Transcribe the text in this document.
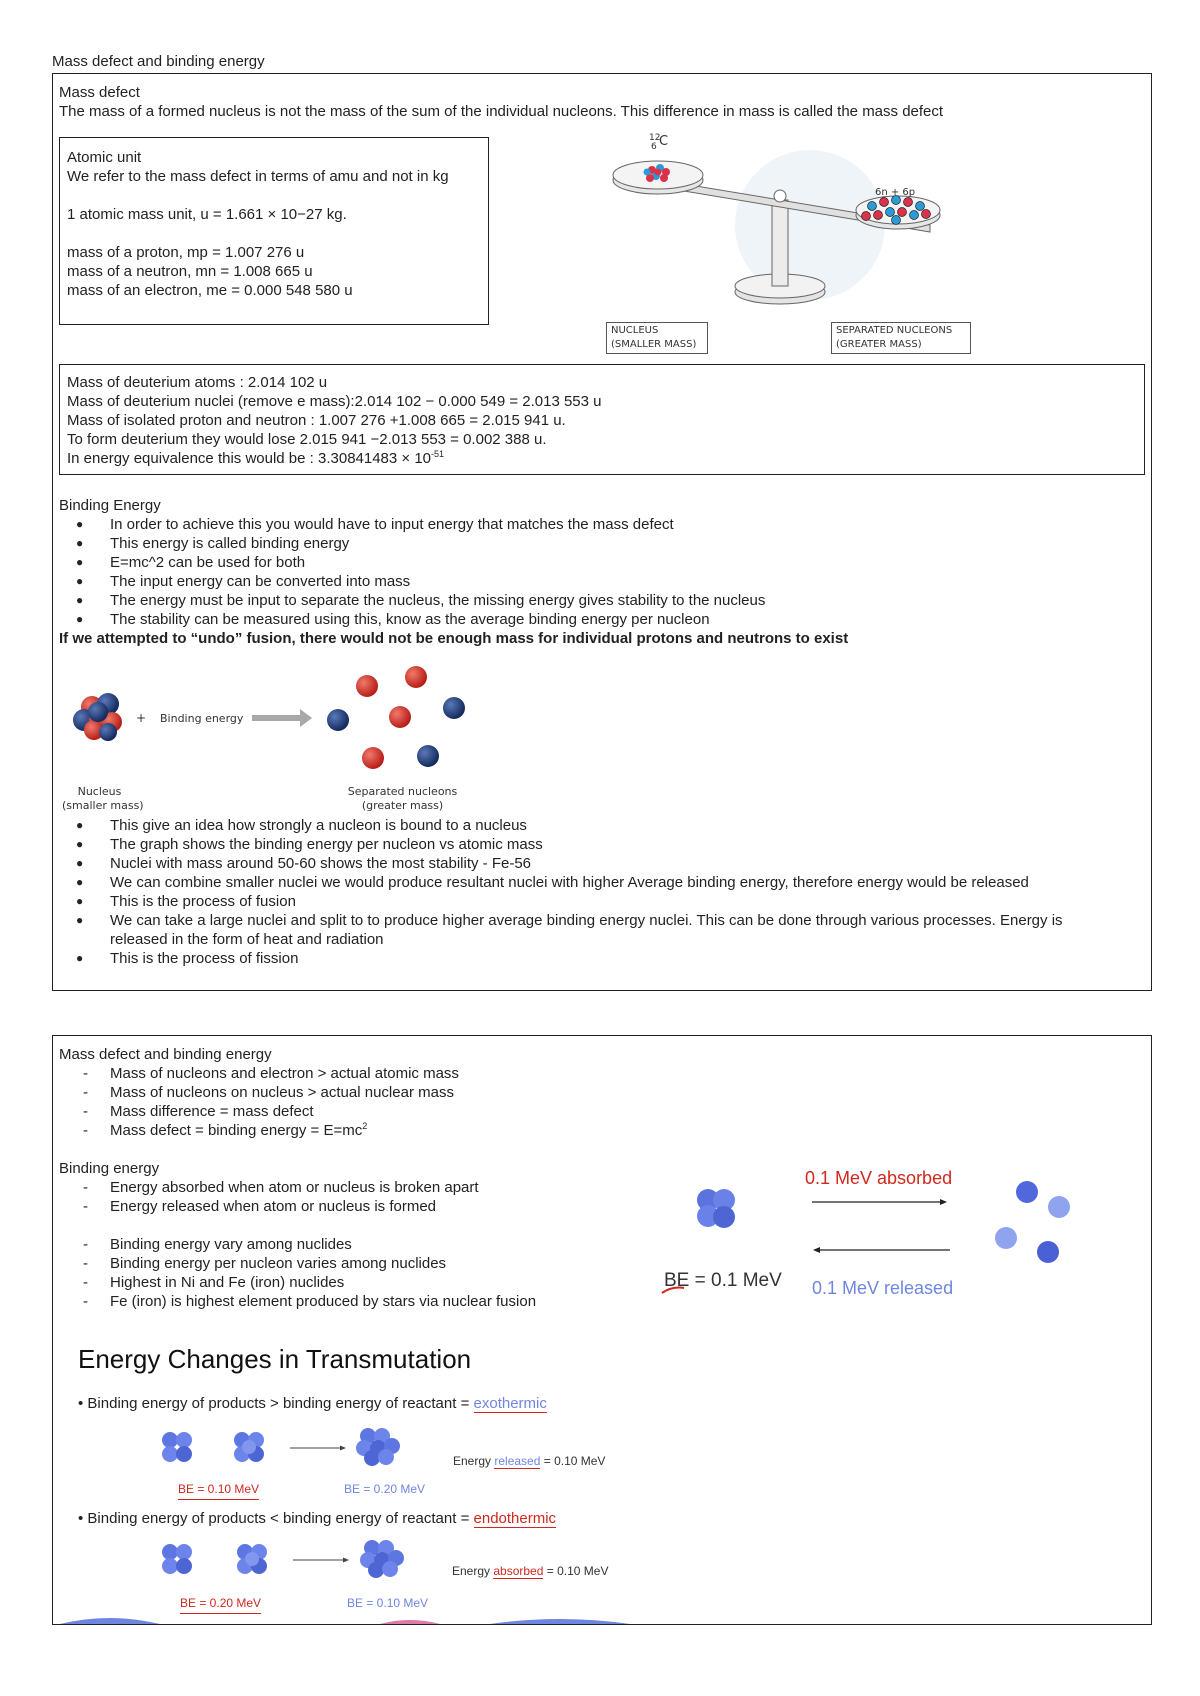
Mass defect and binding energy
Mass defect
The mass of a formed nucleus is not the mass of the sum of the individual nucleons. This difference in mass is called the mass defect
Atomic unit
We refer to the mass defect in terms of amu and not in kg
1 atomic mass unit, u = 1.661 × 10−27 kg.
mass of a proton, mp = 1.007 276 u
mass of a neutron, mn = 1.008 665 u
mass of an electron, me = 0.000 548 580 u
12
6 C
6n + 6p
NUCLEUS
(SMALLER MASS)
SEPARATED NUCLEONS
(GREATER MASS)
Mass of deuterium atoms : 2.014 102 u
Mass of deuterium nuclei (remove e mass):2.014 102 − 0.000 549 = 2.013 553 u
Mass of isolated proton and neutron : 1.007 276 +1.008 665 = 2.015 941 u.
To form deuterium they would lose 2.015 941 −2.013 553 = 0.002 388 u.
In energy equivalence this would be : $3.30841483 \times 10^{-51}$
Binding Energy
● In order to achieve this you would have to input energy that matches the mass defect
● This energy is called binding energy
● E=mc^2 can be used for both
● The input energy can be converted into mass
● The energy must be input to separate the nucleus, the missing energy gives stability to the nucleus
● The stability can be measured using this, know as the average binding energy per nucleon
If we attempted to “undo” fusion, there would not be enough mass for individual protons and neutrons to exist
+ Binding energy
Nucleus
(smaller mass)
Separated nucleons
(greater mass)
● This give an idea how strongly a nucleon is bound to a nucleus
● The graph shows the binding energy per nucleon vs atomic mass
● Nuclei with mass around 50-60 shows the most stability - Fe-56
● We can combine smaller nuclei we would produce resultant nuclei with higher Average binding energy, therefore energy would be released
● This is the process of fusion
● We can take a large nuclei and split to to produce higher average binding energy nuclei. This can be done through various processes. Energy is
released in the form of heat and radiation
● This is the process of fission
Mass defect and binding energy
- Mass of nucleons and electron > actual atomic mass
- Mass of nucleons on nucleus > actual nuclear mass
- Mass difference = mass defect
- Mass defect = binding energy = $E=mc^2$
Binding energy
- Energy absorbed when atom or nucleus is broken apart
- Energy released when atom or nucleus is formed
- Binding energy vary among nuclides
- Binding energy per nucleon varies among nuclides
- Highest in Ni and Fe (iron) nuclides
- Fe (iron) is highest element produced by stars via nuclear fusion
0.1 MeV absorbed
0.1 MeV released
BE = 0.1 MeV
Energy Changes in Transmutation
• Binding energy of products > binding energy of reactant = exothermic
Energy released = 0.10 MeV
BE = 0.10 MeV	BE = 0.20 MeV
• Binding energy of products < binding energy of reactant = endothermic
Energy absorbed = 0.10 MeV
BE = 0.20 MeV	BE = 0.10 MeV
